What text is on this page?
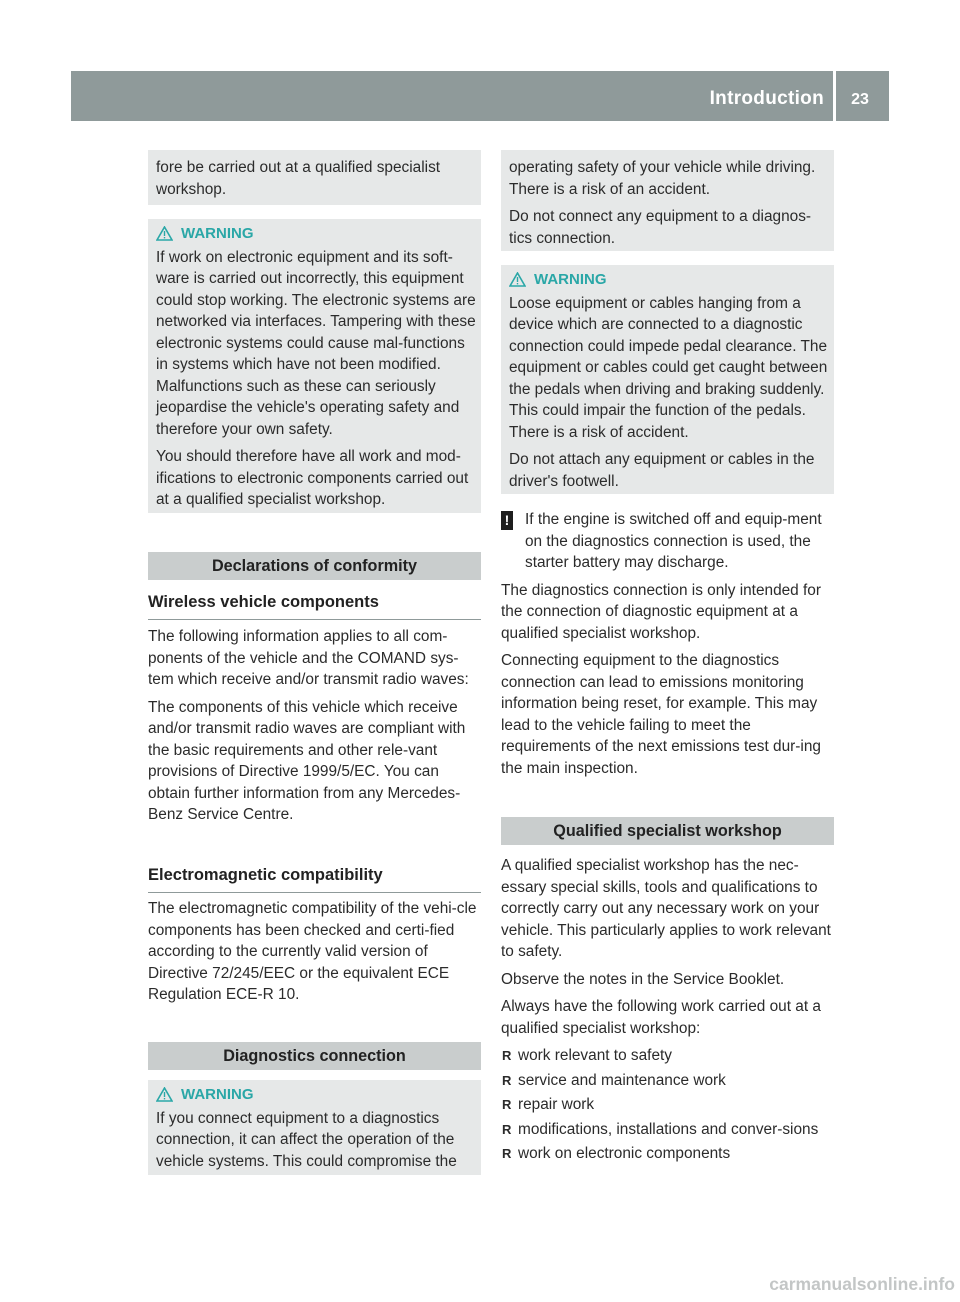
Introduction	23

fore be carried out at a qualified specialist workshop.

WARNING

If work on electronic equipment and its soft-ware is carried out incorrectly, this equipment could stop working. The electronic systems are networked via interfaces. Tampering with these electronic systems could cause mal-functions in systems which have not been modified. Malfunctions such as these can seriously jeopardise the vehicle's operating safety and therefore your own safety.

You should therefore have all work and mod-ifications to electronic components carried out at a qualified specialist workshop.

Declarations of conformity
Wireless vehicle components

The following information applies to all com-ponents of the vehicle and the COMAND sys-tem which receive and/or transmit radio waves:

The components of this vehicle which receive and/or transmit radio waves are compliant with the basic requirements and other rele-vant provisions of Directive 1999/5/EC. You can obtain further information from any Mercedes-Benz Service Centre.

Electromagnetic compatibility

The electromagnetic compatibility of the vehi-cle components has been checked and certi-fied according to the currently valid version of Directive 72/245/EEC or the equivalent ECE Regulation ECE-R 10.

Diagnostics connection
WARNING

If you connect equipment to a diagnostics connection, it can affect the operation of the vehicle systems. This could compromise the

operating safety of your vehicle while driving. There is a risk of an accident.

Do not connect any equipment to a diagnos-tics connection.

WARNING

Loose equipment or cables hanging from a device which are connected to a diagnostic connection could impede pedal clearance. The equipment or cables could get caught between the pedals when driving and braking suddenly. This could impair the function of the pedals. There is a risk of accident.

Do not attach any equipment or cables in the driver's footwell.

! If the engine is switched off and equip-ment on the diagnostics connection is used, the starter battery may discharge.

The diagnostics connection is only intended for the connection of diagnostic equipment at a qualified specialist workshop.

Connecting equipment to the diagnostics connection can lead to emissions monitoring information being reset, for example. This may lead to the vehicle failing to meet the requirements of the next emissions test dur-ing the main inspection.

Qualified specialist workshop

A qualified specialist workshop has the nec-essary special skills, tools and qualifications to correctly carry out any necessary work on your vehicle. This particularly applies to work relevant to safety.

Observe the notes in the Service Booklet.

Always have the following work carried out at a qualified specialist workshop:

R work relevant to safety
R service and maintenance work
R repair work
R modifications, installations and conver-sions
R work on electronic components
carmanualsonline.info
